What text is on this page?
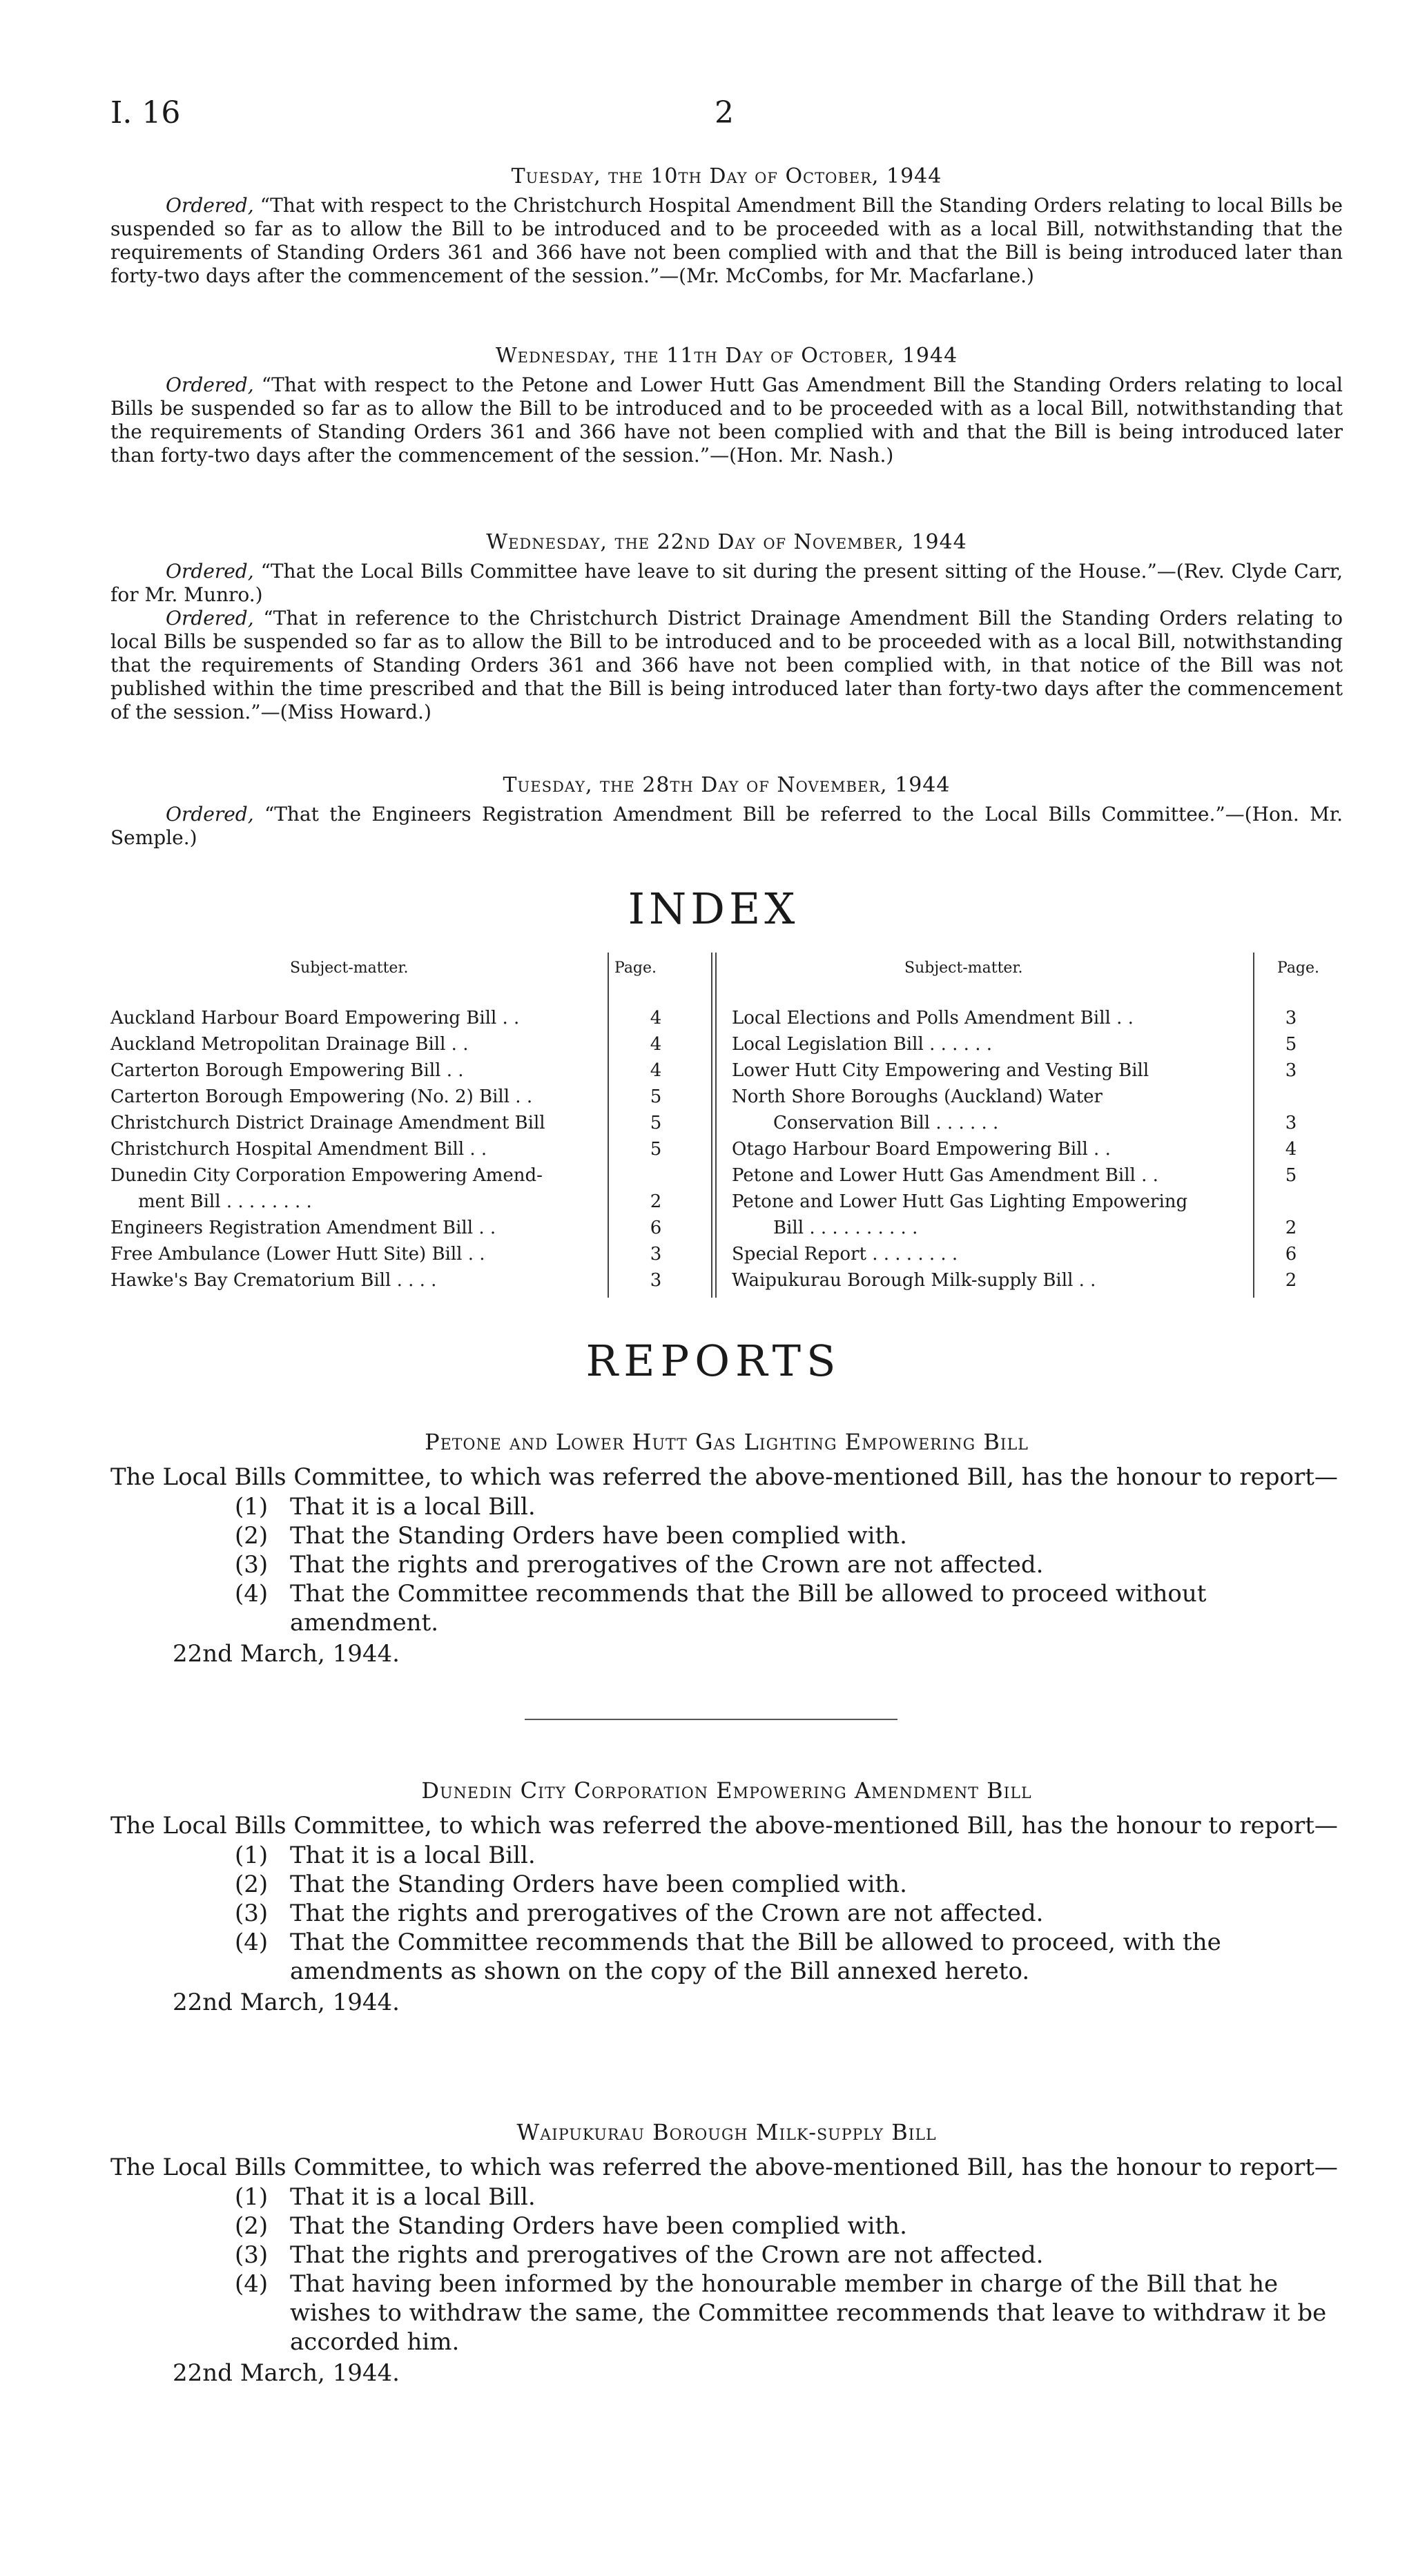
I. 16	2

Tuesday, the 10th Day of October, 1944

Ordered, “That with respect to the Christchurch Hospital Amendment Bill the Standing Orders relating to local Bills be suspended so far as to allow the Bill to be introduced and to be proceeded with as a local Bill, notwithstanding that the requirements of Standing Orders 361 and 366 have not been complied with and that the Bill is being introduced later than forty-two days after the commencement of the session.”—(Mr. McCombs, for Mr. Macfarlane.)

Wednesday, the 11th Day of October, 1944

Ordered, “That with respect to the Petone and Lower Hutt Gas Amendment Bill the Standing Orders relating to local Bills be suspended so far as to allow the Bill to be introduced and to be proceeded with as a local Bill, notwithstanding that the requirements of Standing Orders 361 and 366 have not been complied with and that the Bill is being introduced later than forty-two days after the commencement of the session.”—(Hon. Mr. Nash.)

Wednesday, the 22nd Day of November, 1944

Ordered, “That the Local Bills Committee have leave to sit during the present sitting of the House.”—(Rev. Clyde Carr, for Mr. Munro.)

Ordered, “That in reference to the Christchurch District Drainage Amendment Bill the Standing Orders relating to local Bills be suspended so far as to allow the Bill to be introduced and to be proceeded with as a local Bill, notwithstanding that the requirements of Standing Orders 361 and 366 have not been complied with, in that notice of the Bill was not published within the time prescribed and that the Bill is being introduced later than forty-two days after the commencement of the session.”—(Miss Howard.)

Tuesday, the 28th Day of November, 1944

Ordered, “That the Engineers Registration Amendment Bill be referred to the Local Bills Committee.”—(Hon. Mr. Semple.)

INDEX
Subject-matter.	Page.	Subject-matter.	Page.
Auckland Harbour Board Empowering Bill . .	4
Auckland Metropolitan Drainage Bill . .	4
Carterton Borough Empowering Bill . .	4
Carterton Borough Empowering (No. 2) Bill . .	5
Christchurch District Drainage Amendment Bill	5
Christchurch Hospital Amendment Bill . .	5
Dunedin City Corporation Empowering Amend-
ment Bill . . . . . . . .	2
Engineers Registration Amendment Bill . .	6
Free Ambulance (Lower Hutt Site) Bill . .	3
Hawke's Bay Crematorium Bill . . . .	3
Local Elections and Polls Amendment Bill . .	3
Local Legislation Bill . . . . . .	5
Lower Hutt City Empowering and Vesting Bill	3
North Shore Boroughs (Auckland) Water
Conservation Bill . . . . . .	3
Otago Harbour Board Empowering Bill . .	4
Petone and Lower Hutt Gas Amendment Bill . .	5
Petone and Lower Hutt Gas Lighting Empowering
Bill . . . . . . . . . .	2
Special Report . . . . . . . .	6
Waipukurau Borough Milk-supply Bill . .	2
REPORTS

Petone and Lower Hutt Gas Lighting Empowering Bill

The Local Bills Committee, to which was referred the above-mentioned Bill, has the honour to report—

(1) That it is a local Bill.

(2) That the Standing Orders have been complied with.

(3) That the rights and prerogatives of the Crown are not affected.

(4) That the Committee recommends that the Bill be allowed to proceed without amendment.

22nd March, 1944.

Dunedin City Corporation Empowering Amendment Bill

The Local Bills Committee, to which was referred the above-mentioned Bill, has the honour to report—

(1) That it is a local Bill.

(2) That the Standing Orders have been complied with.

(3) That the rights and prerogatives of the Crown are not affected.

(4) That the Committee recommends that the Bill be allowed to proceed, with the amendments as shown on the copy of the Bill annexed hereto.

22nd March, 1944.

Waipukurau Borough Milk-supply Bill

The Local Bills Committee, to which was referred the above-mentioned Bill, has the honour to report—

(1) That it is a local Bill.

(2) That the Standing Orders have been complied with.

(3) That the rights and prerogatives of the Crown are not affected.

(4) That having been informed by the honourable member in charge of the Bill that he wishes to withdraw the same, the Committee recommends that leave to withdraw it be accorded him.

22nd March, 1944.
